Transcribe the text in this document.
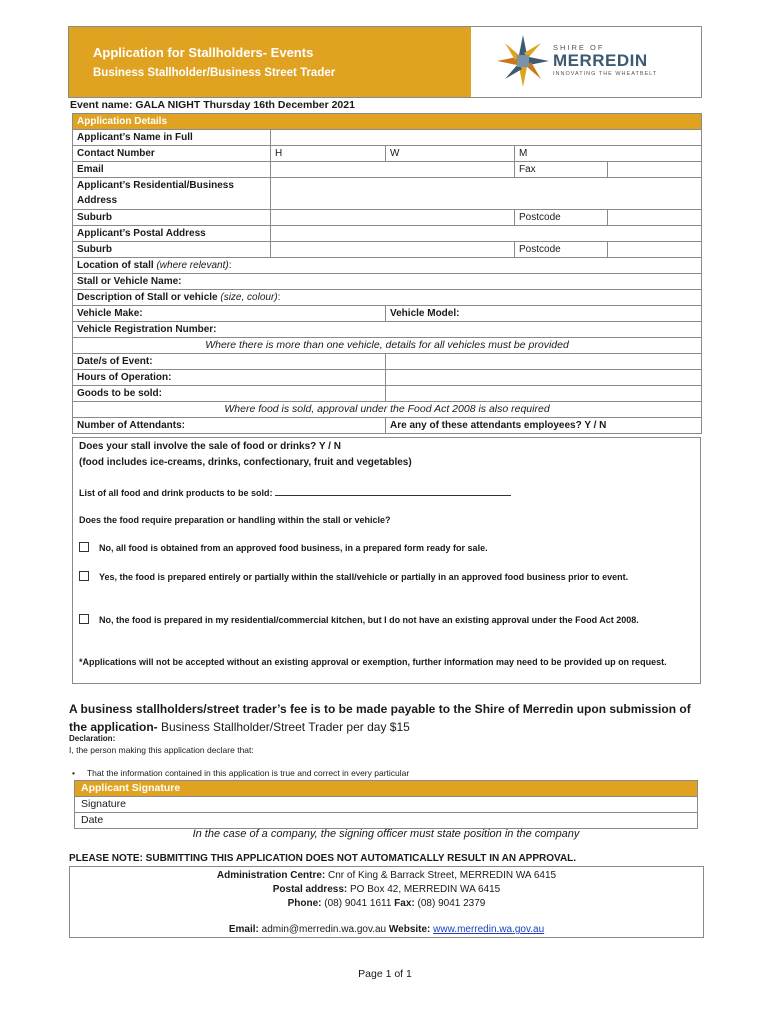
Application for Stallholders- Events
Business Stallholder/Business Street Trader
SHIRE OF
MERREDIN
INNOVATING THE WHEATBELT
Event name: GALA NIGHT Thursday 16th December 2021
Application Details				
Applicant’s Name in Full				
Contact Number	H	W	M	
Email			Fax	

Applicant’s Residential/Business
Address				

Suburb			Postcode	
Applicant’s Postal Address				
Suburb			Postcode	
Location of stall (where relevant):				
Stall or Vehicle Name:				
Description of Stall or vehicle (size, colour):				
Vehicle Make:		Vehicle Model:		
Vehicle Registration Number:				
Where there is more than one vehicle, details for all vehicles must be provided				
Date/s of Event:				
Hours of Operation:				
Goods to be sold:				
Where food is sold, approval under the Food Act 2008 is also required				
Number of Attendants:		Are any of these attendants employees? Y / N		
Does your stall involve the sale of food or drinks? Y / N
(food includes ice-creams, drinks, confectionary, fruit and vegetables)
List of all food and drink products to be sold:
Does the food require preparation or handling within the stall or vehicle?
No, all food is obtained from an approved food business, in a prepared form ready for sale.
Yes, the food is prepared entirely or partially within the stall/vehicle or partially in an approved food business prior to event.
No, the food is prepared in my residential/commercial kitchen, but I do not have an existing approval under the Food Act 2008.
*Applications will not be accepted without an existing approval or exemption, further information may need to be provided up on request.
A business stallholders/street trader’s fee is to be made payable to the Shire of Merredin upon submission of the application- Business Stallholder/Street Trader per day $15
Declaration:
I, the person making this application declare that:
• That the information contained in this application is true and correct in every particular
Applicant Signature
Signature
Date
In the case of a company, the signing officer must state position in the company
PLEASE NOTE: SUBMITTING THIS APPLICATION DOES NOT AUTOMATICALLY RESULT IN AN APPROVAL.
Administration Centre: Cnr of King & Barrack Street, MERREDIN WA 6415
Postal address: PO Box 42, MERREDIN WA 6415
Phone: (08) 9041 1611 Fax: (08) 9041 2379
Email: admin@merredin.wa.gov.au Website: www.merredin.wa.gov.au
Page 1 of 1
